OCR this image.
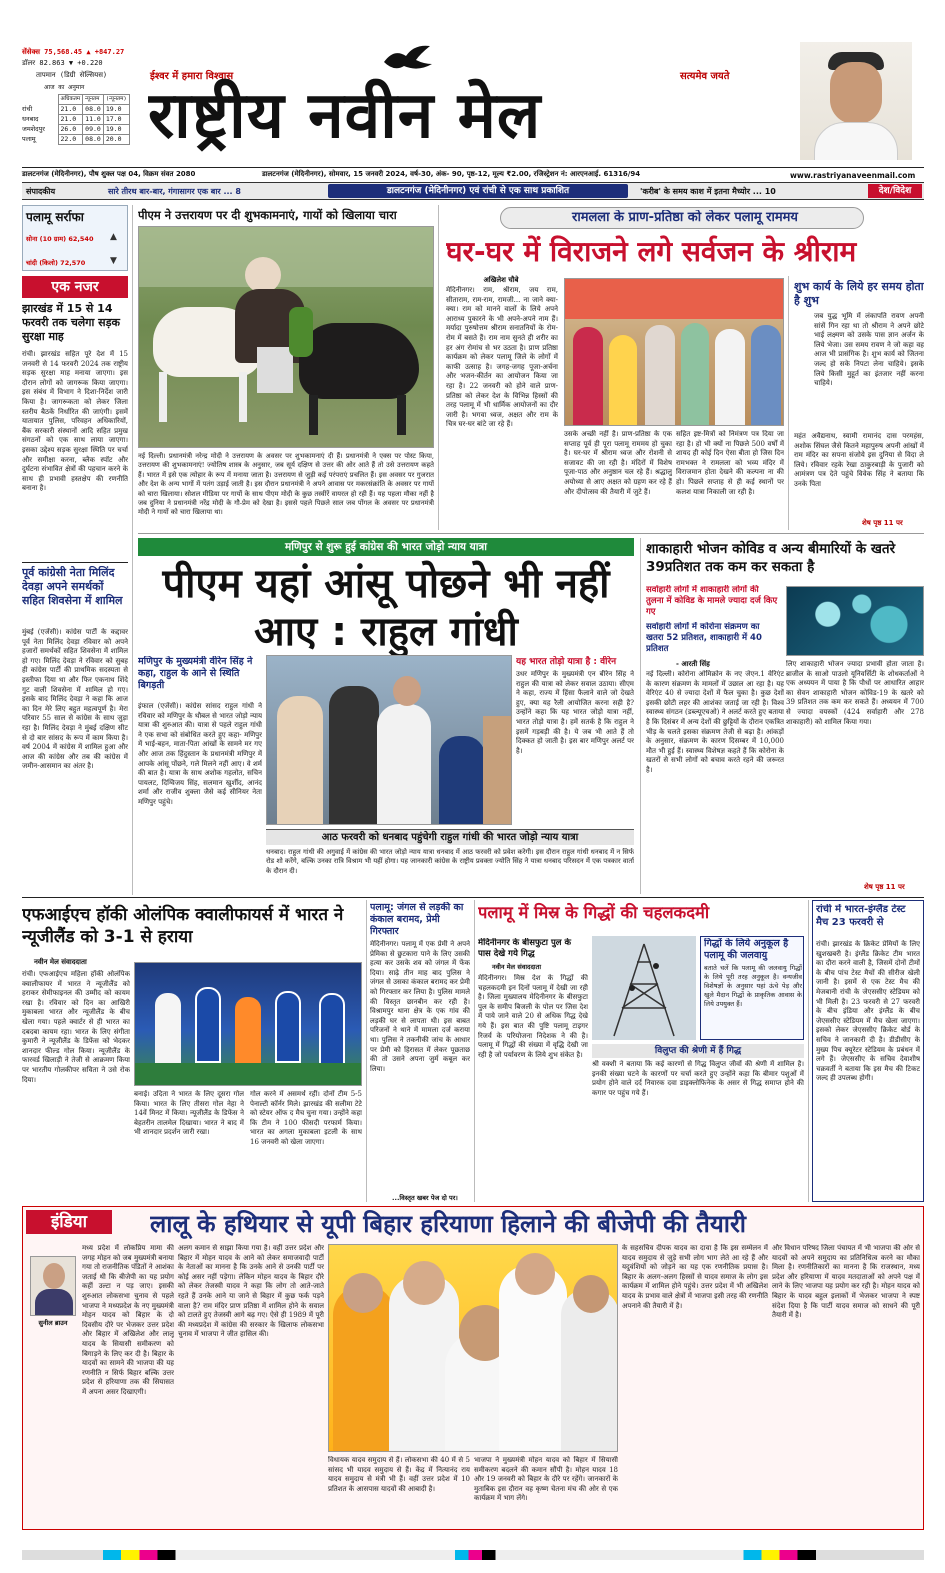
सेंसेक्स 75,568.45 ▲ +847.27
डॉलर 82.863 ▼ +0.220
तापमान (डिग्री सेल्सियस)
आज का अनुमान
	अधिकतम	न्यूनतम	(न्यूनतम)
रांची	21.0	08.0	19.0
धनबाद	21.0	11.0	17.0
जमशेदपुर	26.0	09.0	19.0
पलामू	22.0	08.0	20.0
ईश्वर में हमारा विश्वास	सत्यमेव जयते
राष्ट्रीय नवीन मेल
www.rastriyanaveenmail.com
डालटनगंज (मेदिनीनगर), पौष शुक्ल पक्ष 04, विक्रम संवत 2080	डालटनगंज (मेदिनीनगर), सोमवार, 15 जनवरी 2024, वर्ष-30, अंक- 90, पृष्ठ-12, मूल्य ₹2.00, रजिस्ट्रेशन नं: आरएनआई. 61316/94
संपादकीय	सारे तीरथ बार-बार, गंगासागर एक बार ... 8	डालटनगंज (मेदिनीनगर) एवं रांची से एक साथ प्रकाशित	'करीब' के समय काश में इतना मैच्योर ... 10	देश/विदेश
पलामू सर्राफा
सोना (10 ग्राम) 62,540
चांदी (किलो) 72,570
▲
▼
एक नजर
झारखंड में 15 से 14 फरवरी तक चलेगा सड़क सुरक्षा माह
रांची। झारखंड सहित पूरे देश में 15 जनवरी से 14 फरवरी 2024 तक राष्ट्रीय सड़क सुरक्षा माह मनाया जाएगा। इस दौरान लोगों को जागरूक किया जाएगा। इस संबंध में विभाग ने दिशा-निर्देश जारी किया है। जागरूकता को लेकर जिला स्तरीय बैठकें निर्धारित की जाएंगी। इसमें यातायात पुलिस, परिवहन अधिकारियों, बैंक सरकारी संस्थानों आदि सहित प्रमुख संगठनों को एक साथ लाया जाएगा। इसका उद्देश्य सड़क सुरक्षा स्थिति पर चर्चा और समीक्षा करना, ब्लैक स्पॉट और दुर्घटना संभावित क्षेत्रों की पहचान करने के साथ ही प्रभावी हस्तक्षेप की रणनीति बनाना है।
पूर्व कांग्रेसी नेता मिलिंद देवड़ा अपने समर्थकों सहित शिवसेना में शामिल
मुंबई (एजेंसी)। कांग्रेस पार्टी के कद्दावर पूर्व नेता मिलिंद देवड़ा रविवार को अपने हजारों समर्थकों सहित शिवसेना में शामिल हो गए। मिलिंद देवड़ा ने रविवार को सुबह ही कांग्रेस पार्टी की प्राथमिक सदस्यता से इस्तीफा दिया था और फिर एकनाथ शिंदे गुट वाली शिवसेना में शामिल हो गए। इसके बाद मिलिंद देवड़ा ने कहा कि आज का दिन मेरे लिए बहुत महत्वपूर्ण है। मेरा परिवार 55 साल से कांग्रेस के साथ जुड़ा रहा है। मिलिंद देवड़ा ने मुंबई दक्षिण सीट से दो बार सांसद के रूप में काम किया है। वर्ष 2004 में कांग्रेस में शामिल हुआ और आज की कांग्रेस और तब की कांग्रेस में जमीन-आसमान का अंतर है।
पीएम ने उत्तरायण पर दी शुभकामनाएं, गायों को खिलाया चारा
नई दिल्ली। प्रधानमंत्री नरेन्द्र मोदी ने उत्तरायण के अवसर पर शुभकामनाएं दी हैं। प्रधानमंत्री ने एक्स पर पोस्ट किया, उत्तरायण की शुभकामनाएं! ज्योतिष शास्त्र के अनुसार, जब सूर्य दक्षिण से उत्तर की ओर आते हैं तो उसे उत्तरायण कहते हैं। भारत में इसे एक त्योहार के रूप में मनाया जाता है। उत्तरायण से जुड़ी कई परंपराएं प्रचलित हैं। इस अवसर पर गुजरात और देश के अन्य भागों में पतंग उड़ाई जाती है। इस दौरान प्रधानमंत्री ने अपने आवास पर मकरसंक्रांति के अवसर पर गायों को चारा खिलाया। सोशल मीडिया पर गायों के साथ पीएम मोदी के कुछ तस्वीरें वायरल हो रही हैं। यह पहला मौका नहीं है जब दुनिया ने प्रधानमंत्री नरेंद्र मोदी के गौ-प्रेम को देखा है। इससे पहले पिछले साल जब पोंगल के अवसर पर प्रधानमंत्री मोदी ने गायों को चारा खिलाया था।
रामलला के प्राण-प्रतिष्ठा को लेकर पलामू राममय
घर-घर में विराजने लगे सर्वजन के श्रीराम
अखिलेश चौबे
मेदिनीनगर। राम, श्रीराम, जय राम, सीताराम, राम-राम, रामजी... ना जाने क्या-क्या। राम को मानने वालों के लिये अपने आराध्य पुकारने के भी अपने-अपने नाम हैं। मर्यादा पुरुषोत्तम श्रीराम सनातनियों के रोम-रोम में बसते हैं। राम नाम सुनते ही शरीर का हर अंग रोमांच से भर उठता है। प्राण प्रतिष्ठा कार्यक्रम को लेकर पलामू जिले के लोगों में काफी उत्साह है। जगह-जगह पूजा-अर्चना और भजन-कीर्तन का आयोजन किया जा रहा है। 22 जनवरी को होने वाले प्राण-प्रतिष्ठा को लेकर देश के विभिन्न हिस्सों की तरह पलामू में भी धार्मिक आयोजनों का दौर जारी है। भगवा ध्वज, अक्षत और राम के चित्र घर-घर बांटे जा रहे हैं।
उसके अच्छी नहीं है। प्राण-प्रतिष्ठा के एक सप्ताह पूर्व ही पूरा पलामू राममय हो चुका है। घर-घर में श्रीराम ध्वज और रोशनी से सजावट की जा रही है। मंदिरों में विशेष पूजा-पाठ और अनुष्ठान चल रहे हैं। श्रद्धालु अयोध्या से आए अक्षत को ग्रहण कर रहे हैं और दीपोत्सव की तैयारी में जुटे हैं।
सहित इष्ट-मित्रों को निमंत्रण पत्र दिया जा रहा है। हो भी क्यों ना पिछले 500 वर्षों में शायद ही कोई दिन ऐसा बीता हो जिस दिन रामभक्त ने रामलला को भव्य मंदिर में विराजमान होता देखने की कल्पना ना की हो। पिछले सप्ताह से ही कई स्थानों पर कलश यात्रा निकाली जा रही है।
शुभ कार्य के लिये हर समय होता है शुभ
जब युद्ध भूमि में लंकापति रावण अपनी सांसें गिन रहा था तो श्रीराम ने अपने छोटे भाई लक्ष्मण को उसके पास ज्ञान अर्जन के लिये भेजा। उस समय रावण ने जो कहा वह आज भी प्रासंगिक है। शुभ कार्य को जितना जल्द हो सके निपटा लेना चाहिये। इसके लिये किसी मुहूर्त का इंतजार नहीं करना चाहिये।
महंत अवैद्यनाथ, स्वामी रामानंद दास परमहंस, अशोक सिंघल जैसे कितने महापुरुष अपनी आंखों में राम मंदिर का सपना संजोये इस दुनिया से विदा ले लिये। रविवार रहके रेखा ठाकुरबाड़ी के पुजारी को आमंत्रण पत्र देते पहुंचे विवेक सिंह ने बताया कि उनके पिता
शेष पृष्ठ 11 पर
मणिपुर से शुरू हुई कांग्रेस की भारत जोड़ो न्याय यात्रा
पीएम यहां आंसू पोछने भी नहीं आए : राहुल गांधी
मणिपुर के मुख्यमंत्री वीरेन सिंह ने कहा, राहुल के आने से स्थिति बिगड़ती
इंफाल (एजेंसी)। कांग्रेस सांसद राहुल गांधी ने रविवार को मणिपुर के थौबल से भारत जोड़ो न्याय यात्रा की शुरुआत की। यात्रा से पहले राहुल गांधी ने एक सभा को संबोधित करते हुए कहा- मणिपुर में भाई-बहन, माता-पिता आंखों के सामने मर गए और आज तक हिंदुस्तान के प्रधानमंत्री मणिपुर में आपके आंसू पोंछने, गले मिलने नहीं आए। वे शर्म की बात है। यात्रा के साथ अशोक गहलोत, सचिन पायलट, दिग्विजय सिंह, सलमान खुर्शीद, आनंद शर्मा और राजीव शुक्ला जैसे कई सीनियर नेता मणिपुर पहुंचे।
यह भारत तोड़ो यात्रा है : वीरेन
उधर मणिपुर के मुख्यमंत्री एन बीरेन सिंह ने राहुल की यात्रा को लेकर सवाल उठाया। सीएम ने कहा, राज्य में हिंसा फैलाने वाले जो देखते हुए, क्या यह रैली आयोजित करना सही है? उन्होंने कहा कि यह भारत जोड़ो यात्रा नहीं, भारत तोड़ो यात्रा है। हमें सतर्क है कि राहुल ने इसमें गड़बड़ी की है। ये जब भी आते हैं तो दिक्कत हो जाती है। इस बार मणिपुर अलर्ट पर है।
आठ फरवरी को धनबाद पहुंचेगी राहुल गांधी की भारत जोड़ो न्याय यात्रा
धनबाद। राहुल गांधी की अगुवाई में कांग्रेस की भारत जोड़ो न्याय यात्रा धनबाद में आठ फरवरी को प्रवेश करेगी। इस दौरान राहुल गांधी धनबाद में न सिर्फ रोड शो करेंगे, बल्कि उनका रात्रि विश्राम भी यहीं होगा। यह जानकारी कांग्रेस के राष्ट्रीय प्रवक्ता ज्योति सिंह ने यात्रा धनबाद परिसदन में एक पत्रकार वार्ता के दौरान दी।
शाकाहारी भोजन कोविड व अन्य बीमारियों के खतरे 39प्रतिशत तक कम कर सकता है
सर्वाहारी लोगों में शाकाहारी लोगों की तुलना में कोविड के मामले ज्यादा दर्ज किए गए
सर्वाहारी लोगों में कोरोना संक्रमण का खतरा 52 प्रतिशत, शाकाहारी में 40 प्रतिशत
- आरती सिंह
नई दिल्ली। कोरोना ओमिक्रोन के नए जेएन.1 वेरिएंट के कारण संक्रमण के मामलों में उछाल आ रहा है। यह वेरिएंट 40 से ज्यादा देशों में फैल चुका है। कुछ देशों इसकी छोटी लहर की आशंका जताई जा रही है। विश्व स्वास्थ्य संगठन (डब्ल्यूएचओ) ने अलर्ट करते हुए बताया है कि दिसंबर में अन्य देशों की छुट्टियों के दौरान एकत्रित भीड़ के चलते इसका संक्रमण तेजी से बढ़ा है। आंकड़ों के अनुसार, संक्रमण के कारण दिसम्बर में 10,000 मौत भी हुई हैं। स्वास्थ्य विशेषज्ञ कहते हैं कि कोरोना के खतरों से सभी लोगों को बचाव करते रहने की जरूरत है।
लिए शाकाहारी भोजन ज्यादा प्रभावी होता जाता है। ब्राजील के साओ पाउलो यूनिवर्सिटी के शोधकर्ताओं ने एक अध्ययन में पाया है कि पौधों पर आधारित आहार का सेवन शाकाहारी भोजन कोविड-19 के खतरे को 39 प्रतिशत तक कम कर सकते हैं। अध्ययन में 700 से ज्यादा वयस्कों (424 सर्वाहारी और 278 शाकाहारी) को शामिल किया गया।
शेष पृष्ठ 11 पर
एफआईएच हॉकी ओलंपिक क्वालीफायर्स में भारत ने न्यूजीलैंड को 3-1 से हराया
नवीन मेल संवाददाता
रांची। एफआईएच महिला हॉकी ओलंपिक क्वालीफायर में भारत ने न्यूजीलैंड को हराकर सेमीफाइनल की उम्मीद को कायम रखा है। रविवार को दिन का आखिरी मुकाबला भारत और न्यूजीलैंड के बीच खेला गया। पहले क्वार्टर से ही भारत का दबदबा कायम रहा। भारत के लिए संगीता कुमारी ने न्यूजीलैंड के डिफेंस को भेदकर शानदार फील्ड गोल किया। न्यूजीलैंड के फारवर्ड खिलाड़ी ने तेजी से आक्रमण किया पर भारतीय गोलकीपर सविता ने उसे रोक दिया।
बनाई। उदिता ने भारत के लिए दूसरा गोल किया। भारत के लिए तीसरा गोल नेहा ने 14वें मिनट में किया। न्यूजीलैंड के डिफेंस ने बेहतरीन तालमेल दिखाया। भारत ने बाद में भी शानदार प्रदर्शन जारी रखा।
गोल करने में असमर्थ रहीं। दोनों टीम 5-5 पेनाल्टी कॉर्नर मिले। झारखंड की सलीमा टेटे को स्टेयर ऑफ द मैच चुना गया। उन्होंने कहा कि टीम ने 100 फीसदी परफार्म किया। भारत का अगला मुकाबला इटली के साथ 16 जनवरी को खेला जाएगा।
पलामू: जंगल से लड़की का कंकाल बरामद, प्रेमी गिरफ्तार
मेदिनीनगर। पलामू में एक प्रेमी ने अपने प्रेमिका से छुटकारा पाने के लिए उसकी हत्या कर उसके शव को जंगल में फेंक दिया। साढ़े तीन माह बाद पुलिस ने जंगल से उसका कंकाल बरामद कर प्रेमी को गिरफ्तार कर लिया है। पुलिस मामले की विस्तृत छानबीन कर रही है। विश्रामपुर थाना क्षेत्र के एक गांव की लड़की घर से लापता थी। इस बाबत परिजनों ने थाने में मामला दर्ज कराया था। पुलिस ने तकनीकी जांच के आधार पर प्रेमी को हिरासत में लेकर पूछताछ की तो उसने अपना जुर्म कबूल कर लिया।
...विस्तृत खबर पेज दो पर।
पलामू में मिस्र के गिद्धों की चहलकदमी
मेदिनीनगर के बीसफुटा पुल के पास देखे गये गिद्ध
नवीन मेल संवाददाता
मेदिनीनगर। मिस्र देश के गिद्धों की चहलकदमी इन दिनों पलामू में देखी जा रही है। जिला मुख्यालय मेदिनीनगर के बीसफुटा पुल के समीप बिजली के पोल पर जिस देश में पाये जाने वाले 20 से अधिक गिद्ध देखे गये हैं। इस बात की पुष्टि पलामू टाइगर रिजर्व के परियोजना निदेशक ने की है। पलामू में गिद्धों की संख्या में वृद्धि देखी जा रही है जो पर्यावरण के लिये शुभ संकेत है।
गिद्धों के लिये अनुकूल है पलामू की जलवायु
बताते चलें कि पलामू की जलवायु गिद्धों के लिये पूरी तरह अनुकूल है। वन्यजीव विशेषज्ञों के अनुसार यहां ऊंचे पेड़ और खुले मैदान गिद्धों के प्राकृतिक आवास के लिये उपयुक्त हैं।
विलुप्त की श्रेणी में हैं गिद्ध
श्री वक्शी ने बताया कि कई कारणों से गिद्ध विलुप्त जीवों की श्रेणी में शामिल है। इनकी संख्या घटने के कारणों पर चर्चा करते हुए उन्होंने कहा कि बीमार पशुओं में प्रयोग होने वाले दर्द निवारक दवा डाइक्लोफिनेक के असर से गिद्ध समाप्त होने की कगार पर पहुंच गये हैं।
रांची में भारत-इंग्लैंड टेस्ट मैच 23 फरवरी से
रांची। झारखंड के क्रिकेट प्रेमियों के लिए खुशखबरी है। इंग्लैंड क्रिकेट टीम भारत का दौरा करने वाली है, जिसमें दोनों टीमों के बीच पांच टेस्ट मैचों की सीरीज खेली जानी है। इसमें से एक टेस्ट मैच की मेजबानी रांची के जेएससीए स्टेडियम को भी मिली है। 23 फरवरी से 27 फरवरी के बीच इंडिया और इंग्लैंड के बीच जेएससीए स्टेडियम में मैच खेला जाएगा। इसको लेकर जेएससीए क्रिकेट बोर्ड के सचिव ने जानकारी दी है। डीडीसीए के मुख्य पिच क्यूरेटर स्टेडियम के प्रबंधन में लगे हैं। जेएससीए के सचिव देवाशीष चक्रवर्ती ने बताया कि इस मैच की टिकट जल्द ही उपलब्ध होगी।
इंडिया	लालू के हथियार से यूपी बिहार हरियाणा हिलाने की बीजेपी की तैयारी
सुनील ब्राउन
मध्य प्रदेश में लोकप्रिय मामा की जगह मोहन को जब मुख्यमंत्री बनाया गया तो राजनीतिक पंडितों ने आशंका जताई थी कि बीजेपी का यह प्रयोग कहीं उल्टा न पड़ जाए। इसकी शुरुआत लोकसभा चुनाव से पहले भाजपा ने मध्यप्रदेश के नए मुख्यमंत्री मोहन यादव को बिहार के दो दिवसीय दौरे पर भेजकर उत्तर प्रदेश और बिहार में अखिलेश और लालू यादव के सियासी समीकरण को बिगाड़ने के लिए कर दी है। बिहार के यादवों का सामने की भाजपा की यह रणनीति न सिर्फ बिहार बल्कि उत्तर प्रदेश से हरियाणा तक की सियासत में अपना असर दिखाएगी।
अलग कमान से साझा किया गया है। वहीं उत्तर प्रदेश और बिहार में मोहन यादव के आने को लेकर समाजवादी पार्टी के नेताओं का मानना है कि उनके आने से उनकी पार्टी पर कोई असर नहीं पड़ेगा। लेकिन मोहन यादव के बिहार दौरे को लेकर तेजस्वी यादव ने कहा कि लोग तो आते-जाते रहते हैं उनके आने या जाने से बिहार में कुछ फर्क पड़ने वाला है? राम मंदिर प्राण प्रतिष्ठा में शामिल होने के सवाल को टालते हुए तेजस्वी आगे बढ़ गए। ऐसे ही 1989 में पूरी की मध्यप्रदेश में कांग्रेस की सरकार के खिलाफ लोकसभा चुनाव में भाजपा ने जीत हासिल की।
विधायक यादव समुदाय से हैं। लोकसभा की 40 में से 5 सांसद भी यादव समुदाय से हैं। केंद्र में नित्यानंद राय यादव समुदाय से मंत्री भी हैं। वहीं उत्तर प्रदेश में 10 प्रतिशत के आसपास यादवों की आबादी है।
भाजपा ने मुख्यमंत्री मोहन यादव को बिहार में सियासी समीकरण बदलने की कमान सौंपी है। मोहन यादव 18 और 19 जनवरी को बिहार के दौरे पर रहेंगे। जानकारों के मुताबिक इस दौरान वह कृष्ण चेतना मंच की ओर से एक कार्यक्रम में भाग लेंगे।
के सहसचिव दीपक यादव का दावा है कि इस सम्मेलन में यादव समुदाय से जुड़े सभी लोग भाग लेते आ रहे हैं और यदुवंशियों को जोड़ने का यह एक रणनीतिक प्रयास है। बिहार के अलग-अलग हिस्सों से यादव समाज के लोग इस कार्यक्रम में शामिल होने पहुंचे। उत्तर प्रदेश में भी अखिलेश यादव के प्रभाव वाले क्षेत्रों में भाजपा इसी तरह की रणनीति अपनाने की तैयारी में है।
और विधान परिषद जिला पंचायत में भी भाजपा की ओर से यादवों को अपने समुदाय का प्रतिनिधित्व करने का मौका मिला है। रणनीतिकारों का मानना है कि राजस्थान, मध्य प्रदेश और हरियाणा में यादव मतदाताओं को अपने पक्ष में लाने के लिए भाजपा यह प्रयोग कर रही है। मोहन यादव को बिहार के यादव बहुल इलाकों में भेजकर भाजपा ने स्पष्ट संदेश दिया है कि पार्टी यादव समाज को साधने की पूरी तैयारी में है।
